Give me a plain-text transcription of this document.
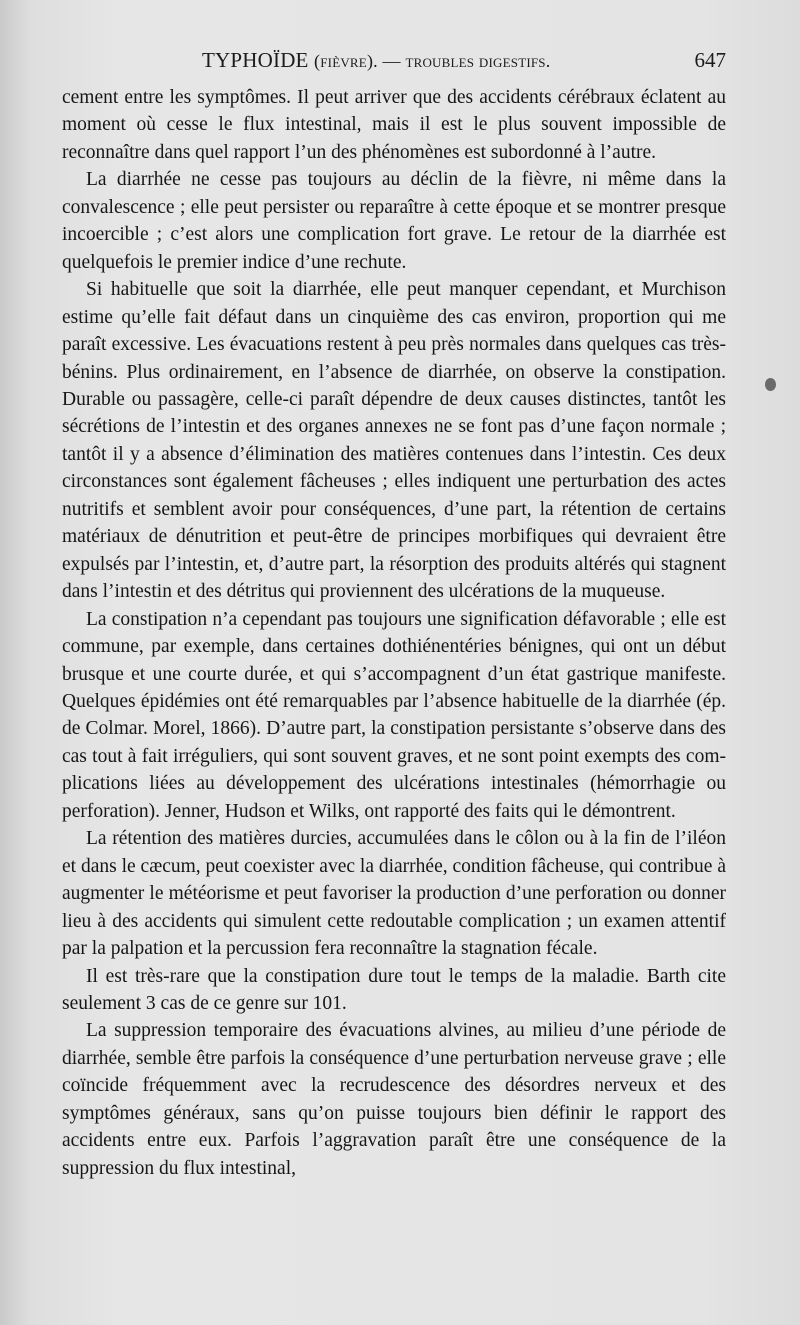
TYPHOÏDE (fièvre). — troubles digestifs.	647

cement entre les symptômes. Il peut arriver que des accidents cérébraux éclatent au moment où cesse le flux intestinal, mais il est le plus souvent impossible de reconnaître dans quel rapport l’un des phénomènes est subordonné à l’autre.

La diarrhée ne cesse pas toujours au déclin de la fièvre, ni même dans la convalescence ; elle peut persister ou reparaître à cette époque et se montrer presque incoercible ; c’est alors une complication fort grave. Le retour de la diarrhée est quelquefois le premier indice d’une rechute.

Si habituelle que soit la diarrhée, elle peut manquer cependant, et Murchison estime qu’elle fait défaut dans un cinquième des cas environ, proportion qui me paraît excessive. Les évacuations restent à peu près normales dans quelques cas très-bénins. Plus ordinairement, en l’absence de diarrhée, on observe la constipation. Durable ou passagère, celle-ci paraît dépendre de deux causes distinctes, tantôt les sécrétions de l’intestin et des organes annexes ne se font pas d’une façon normale ; tantôt il y a absence d’élimination des matières contenues dans l’intestin. Ces deux circonstances sont également fâcheuses ; elles indiquent une perturbation des actes nutritifs et semblent avoir pour conséquences, d’une part, la rétention de certains matériaux de dénutrition et peut-être de principes morbifiques qui devraient être expulsés par l’intestin, et, d’autre part, la résorption des produits altérés qui stagnent dans l’intestin et des détritus qui proviennent des ulcérations de la muqueuse.

La constipation n’a cependant pas toujours une signification défavorable ; elle est commune, par exemple, dans certaines dothiénentéries bénignes, qui ont un début brusque et une courte durée, et qui s’accompagnent d’un état gastrique manifeste. Quelques épidémies ont été remarquables par l’absence habituelle de la diarrhée (ép. de Colmar. Morel, 1866). D’autre part, la constipation persistante s’observe dans des cas tout à fait irréguliers, qui sont souvent graves, et ne sont point exempts des complications liées au développement des ulcérations intestinales (hémorrhagie ou perforation). Jenner, Hudson et Wilks, ont rapporté des faits qui le démontrent.

La rétention des matières durcies, accumulées dans le côlon ou à la fin de l’iléon et dans le cæcum, peut coexister avec la diarrhée, condition fâcheuse, qui contribue à augmenter le météorisme et peut favoriser la production d’une perforation ou donner lieu à des accidents qui simulent cette redoutable complication ; un examen attentif par la palpation et la percussion fera reconnaître la stagnation fécale.

Il est très-rare que la constipation dure tout le temps de la maladie. Barth cite seulement 3 cas de ce genre sur 101.

La suppression temporaire des évacuations alvines, au milieu d’une période de diarrhée, semble être parfois la conséquence d’une perturbation nerveuse grave ; elle coïncide fréquemment avec la recrudescence des désordres nerveux et des symptômes généraux, sans qu’on puisse toujours bien définir le rapport des accidents entre eux. Parfois l’aggravation paraît être une conséquence de la suppression du flux intestinal,
